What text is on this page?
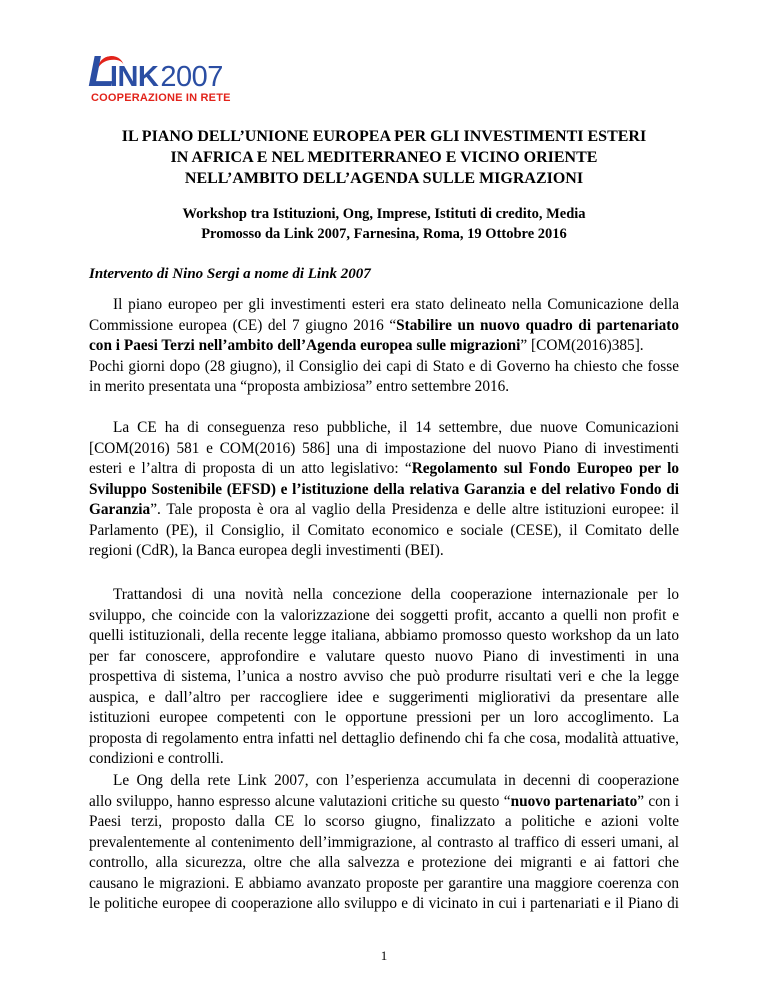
L
INK 2007
COOPERAZIONE IN RETE
IL PIANO DELL’UNIONE EUROPEA PER GLI INVESTIMENTI ESTERI
IN AFRICA E NEL MEDITERRANEO E VICINO ORIENTE
NELL’AMBITO DELL’AGENDA SULLE MIGRAZIONI
Workshop tra Istituzioni, Ong, Imprese, Istituti di credito, Media
Promosso da Link 2007, Farnesina, Roma, 19 Ottobre 2016
Intervento di Nino Sergi a nome di Link 2007
Il piano europeo per gli investimenti esteri era stato delineato nella Comunicazione della
Commissione europea (CE) del 7 giugno 2016 “Stabilire un nuovo quadro di partenariato
con i Paesi Terzi nell’ambito dell’Agenda europea sulle migrazioni” [COM(2016)385].
Pochi giorni dopo (28 giugno), il Consiglio dei capi di Stato e di Governo ha chiesto che fosse
in merito presentata una “proposta ambiziosa” entro settembre 2016.
La CE ha di conseguenza reso pubbliche, il 14 settembre, due nuove Comunicazioni
[COM(2016) 581 e COM(2016) 586] una di impostazione del nuovo Piano di investimenti
esteri e l’altra di proposta di un atto legislativo: “Regolamento sul Fondo Europeo per lo
Sviluppo Sostenibile (EFSD) e l’istituzione della relativa Garanzia e del relativo Fondo di
Garanzia”. Tale proposta è ora al vaglio della Presidenza e delle altre istituzioni europee: il
Parlamento (PE), il Consiglio, il Comitato economico e sociale (CESE), il Comitato delle
regioni (CdR), la Banca europea degli investimenti (BEI).
Trattandosi di una novità nella concezione della cooperazione internazionale per lo
sviluppo, che coincide con la valorizzazione dei soggetti profit, accanto a quelli non profit e
quelli istituzionali, della recente legge italiana, abbiamo promosso questo workshop da un lato
per far conoscere, approfondire e valutare questo nuovo Piano di investimenti in una
prospettiva di sistema, l’unica a nostro avviso che può produrre risultati veri e che la legge
auspica, e dall’altro per raccogliere idee e suggerimenti migliorativi da presentare alle
istituzioni europee competenti con le opportune pressioni per un loro accoglimento. La
proposta di regolamento entra infatti nel dettaglio definendo chi fa che cosa, modalità attuative,
condizioni e controlli.
Le Ong della rete Link 2007, con l’esperienza accumulata in decenni di cooperazione
allo sviluppo, hanno espresso alcune valutazioni critiche su questo “nuovo partenariato” con i
Paesi terzi, proposto dalla CE lo scorso giugno, finalizzato a politiche e azioni volte
prevalentemente al contenimento dell’immigrazione, al contrasto al traffico di esseri umani, al
controllo, alla sicurezza, oltre che alla salvezza e protezione dei migranti e ai fattori che
causano le migrazioni. E abbiamo avanzato proposte per garantire una maggiore coerenza con
le politiche europee di cooperazione allo sviluppo e di vicinato in cui i partenariati e il Piano di
1
